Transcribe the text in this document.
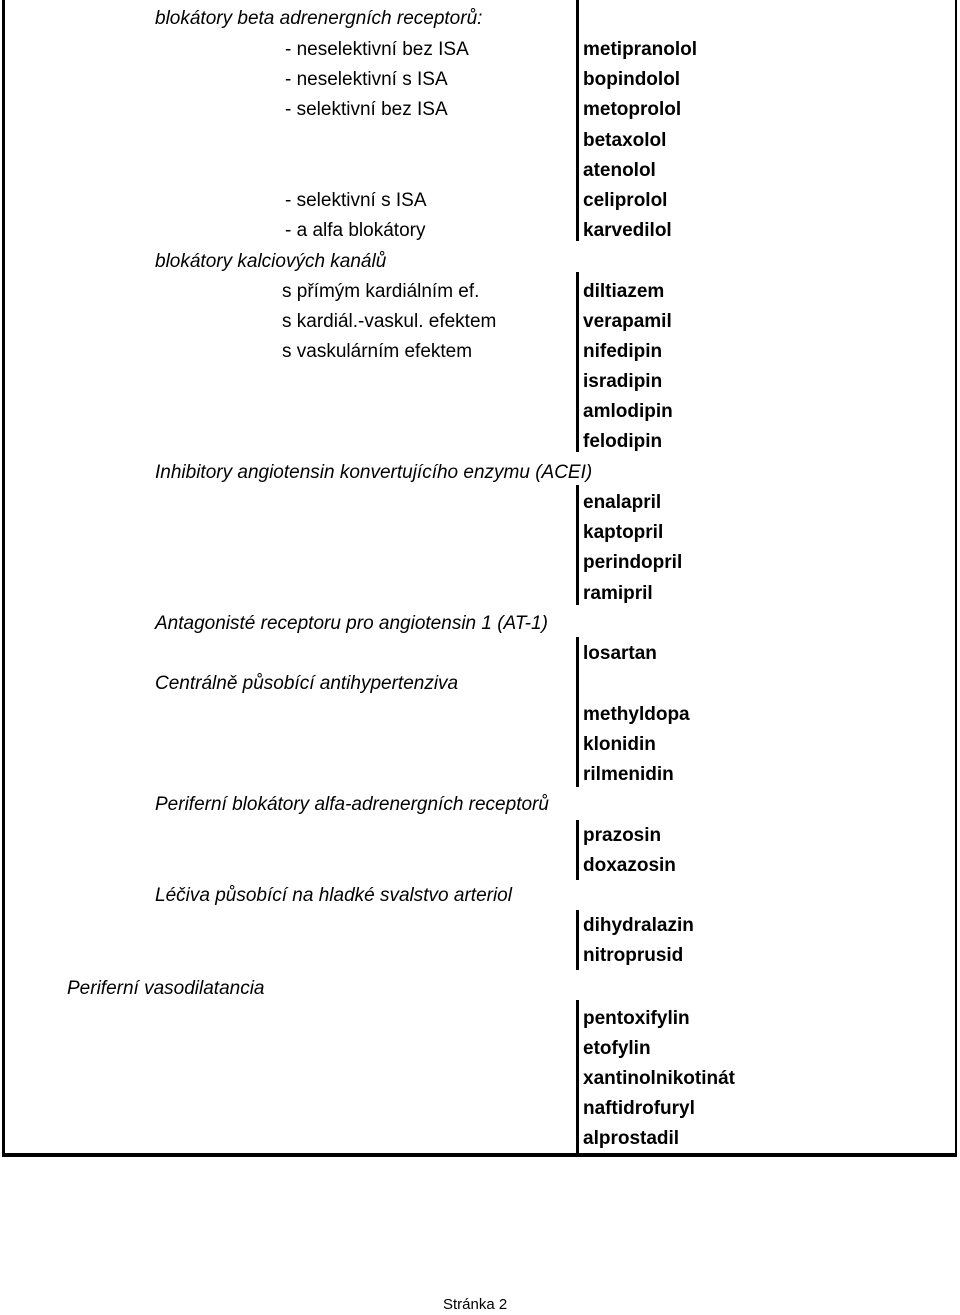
blokátory beta adrenergních receptorů:
- neselektivní bez ISA
- neselektivní s ISA
- selektivní bez ISA
- selektivní s ISA
- a alfa blokátory
metipranolol
bopindolol
metoprolol
betaxolol
atenolol
celiprolol
karvedilol
blokátory kalciových kanálů
s přímým kardiálním ef.
s kardiál.-vaskul. efektem
s vaskulárním efektem
diltiazem
verapamil
nifedipin
isradipin
amlodipin
felodipin
Inhibitory angiotensin konvertujícího enzymu (ACEI)
enalapril
kaptopril
perindopril
ramipril
Antagonisté receptoru pro angiotensin 1 (AT-1)
losartan
Centrálně působící antihypertenziva
methyldopa
klonidin
rilmenidin
Periferní blokátory alfa-adrenergních receptorů
prazosin
doxazosin
Léčiva působící na hladké svalstvo arteriol
dihydralazin
nitroprusid
Periferní vasodilatancia
pentoxifylin
etofylin
xantinolnikotinát
naftidrofuryl
alprostadil
Stránka 2
